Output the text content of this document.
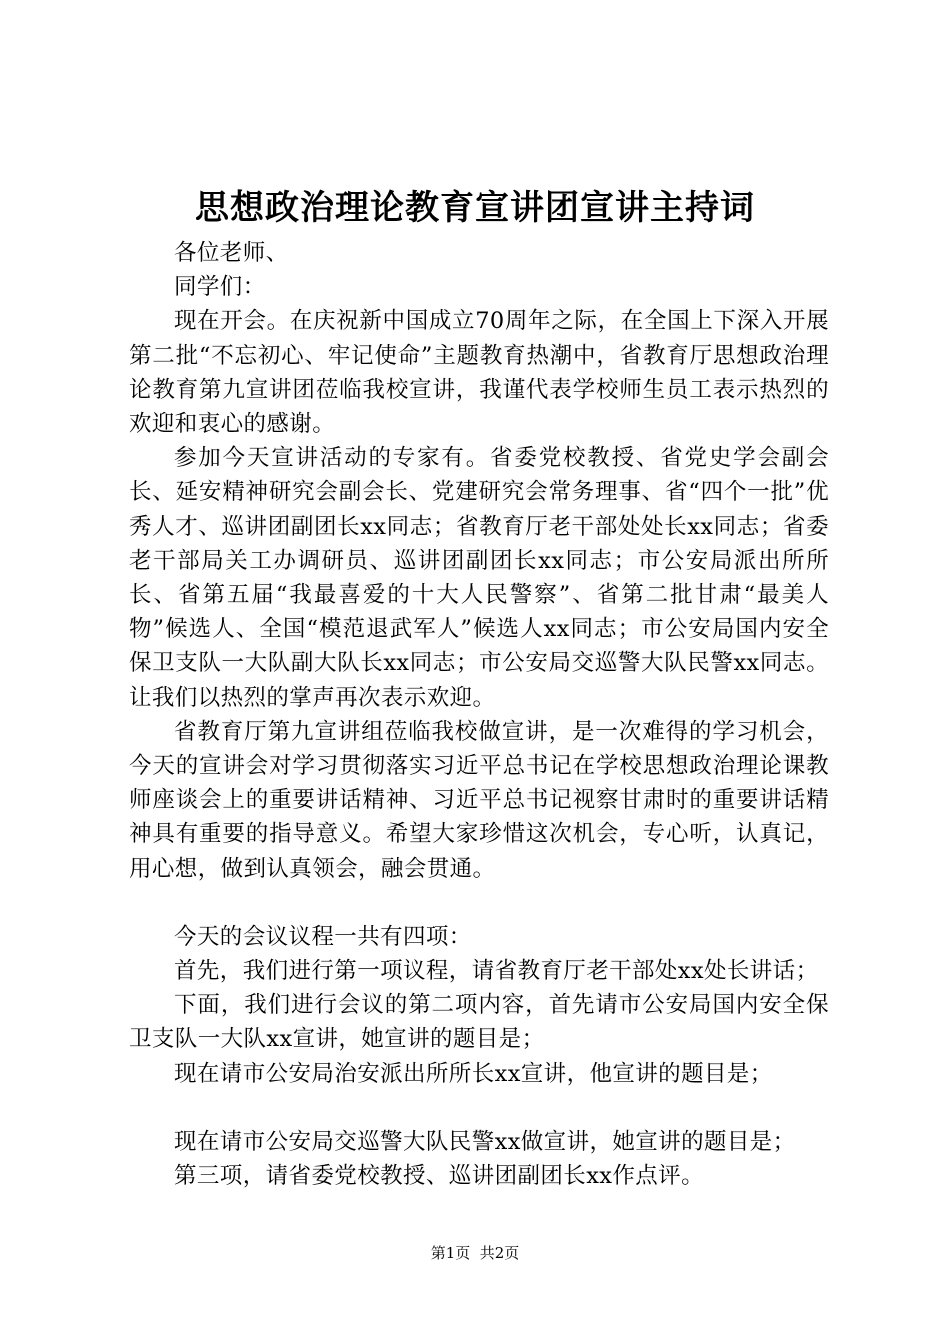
思想政治理论教育宣讲团宣讲主持词

各位老师、

同学们：

现在开会。在庆祝新中国成立70周年之际，在全国上下深入开展第二批“不忘初心、牢记使命”主题教育热潮中，省教育厅思想政治理论教育第九宣讲团莅临我校宣讲，我谨代表学校师生员工表示热烈的欢迎和衷心的感谢。

参加今天宣讲活动的专家有。省委党校教授、省党史学会副会长、延安精神研究会副会长、党建研究会常务理事、省“四个一批”优秀人才、巡讲团副团长xx同志；省教育厅老干部处处长xx同志；省委老干部局关工办调研员、巡讲团副团长xx同志；市公安局派出所所长、省第五届“我最喜爱的十大人民警察”、省第二批甘肃“最美人物”候选人、全国“模范退武军人”候选人xx同志；市公安局国内安全保卫支队一大队副大队长xx同志；市公安局交巡警大队民警xx同志。让我们以热烈的掌声再次表示欢迎。

省教育厅第九宣讲组莅临我校做宣讲，是一次难得的学习机会，今天的宣讲会对学习贯彻落实习近平总书记在学校思想政治理论课教师座谈会上的重要讲话精神、习近平总书记视察甘肃时的重要讲话精神具有重要的指导意义。希望大家珍惜这次机会，专心听，认真记，用心想，做到认真领会，融会贯通。

今天的会议议程一共有四项：

首先，我们进行第一项议程，请省教育厅老干部处xx处长讲话；

下面，我们进行会议的第二项内容，首先请市公安局国内安全保卫支队一大队xx宣讲，她宣讲的题目是；

现在请市公安局治安派出所所长xx宣讲，他宣讲的题目是；

现在请市公安局交巡警大队民警xx做宣讲，她宣讲的题目是；

第三项，请省委党校教授、巡讲团副团长xx作点评。

第1页  共2页
